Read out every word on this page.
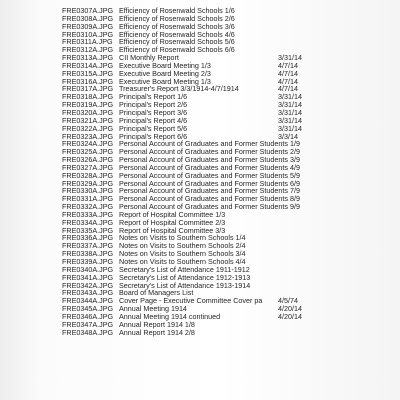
FRE0307A.JPG Efficiency of Rosenwald Schools 1/6
FRE0308A.JPG Efficiency of Rosenwald Schools 2/6
FRE0309A.JPG Efficiency of Rosenwald Schools 3/6
FRE0310A.JPG Efficiency of Rosenwald Schools 4/6
FRE0311A.JPG Efficiency of Rosenwald Schools 5/6
FRE0312A.JPG Efficiency of Rosenwald Schools 6/6
FRE0313A.JPG CII Monthly Report	3/31/14
FRE0314A.JPG Executive Board Meeting 1/3	4/7/14
FRE0315A.JPG Executive Board Meeting 2/3	4/7/14
FRE0316A.JPG Executive Board Meeting 1/3	4/7/14
FRE0317A.JPG Treasurer's Report 3/3/1914-4/7/1914	4/7/14
FRE0318A.JPG Principal's Report 1/6	3/31/14
FRE0319A.JPG Principal's Report 2/6	3/31/14
FRE0320A.JPG Principal's Report 3/6	3/31/14
FRE0321A.JPG Principal's Report 4/6	3/31/14
FRE0322A.JPG Principal's Report 5/6	3/31/14
FRE0323A.JPG Principal's Report 6/6	3/3/14
FRE0324A.JPG Personal Account of Graduates and Former Students 1/9
FRE0325A.JPG Personal Account of Graduates and Former Students 2/9
FRE0326A.JPG Personal Account of Graduates and Former Students 3/9
FRE0327A.JPG Personal Account of Graduates and Former Students 4/9
FRE0328A.JPG Personal Account of Graduates and Former Students 5/9
FRE0329A.JPG Personal Account of Graduates and Former Students 6/9
FRE0330A.JPG Personal Account of Graduates and Former Students 7/9
FRE0331A.JPG Personal Account of Graduates and Former Students 8/9
FRE0332A.JPG Personal Account of Graduates and Former Students 9/9
FRE0333A.JPG Report of Hospital Committee 1/3
FRE0334A.JPG Report of Hospital Committee 2/3
FRE0335A.JPG Report of Hospital Committee 3/3
FRE0336A.JPG Notes on Visits to Southern Schools 1/4
FRE0337A.JPG Notes on Visits to Southern Schools 2/4
FRE0338A.JPG Notes on Visits to Southern Schools 3/4
FRE0339A.JPG Notes on Visits to Southern Schools 4/4
FRE0340A.JPG Secretary's List of Attendance 1911-1912
FRE0341A.JPG Secretary's List of Attendance 1912-1913
FRE0342A.JPG Secretary's List of Attendance 1913-1914
FRE0343A.JPG Board of Managers List
FRE0344A.JPG Cover Page - Executive Committee Cover pa 4/5/74
FRE0345A.JPG Annual Meeting 1914	4/20/14
FRE0346A.JPG Annual Meeting 1914 continued	4/20/14
FRE0347A.JPG Annual Report 1914 1/8
FRE0348A.JPG Annual Report 1914 2/8
